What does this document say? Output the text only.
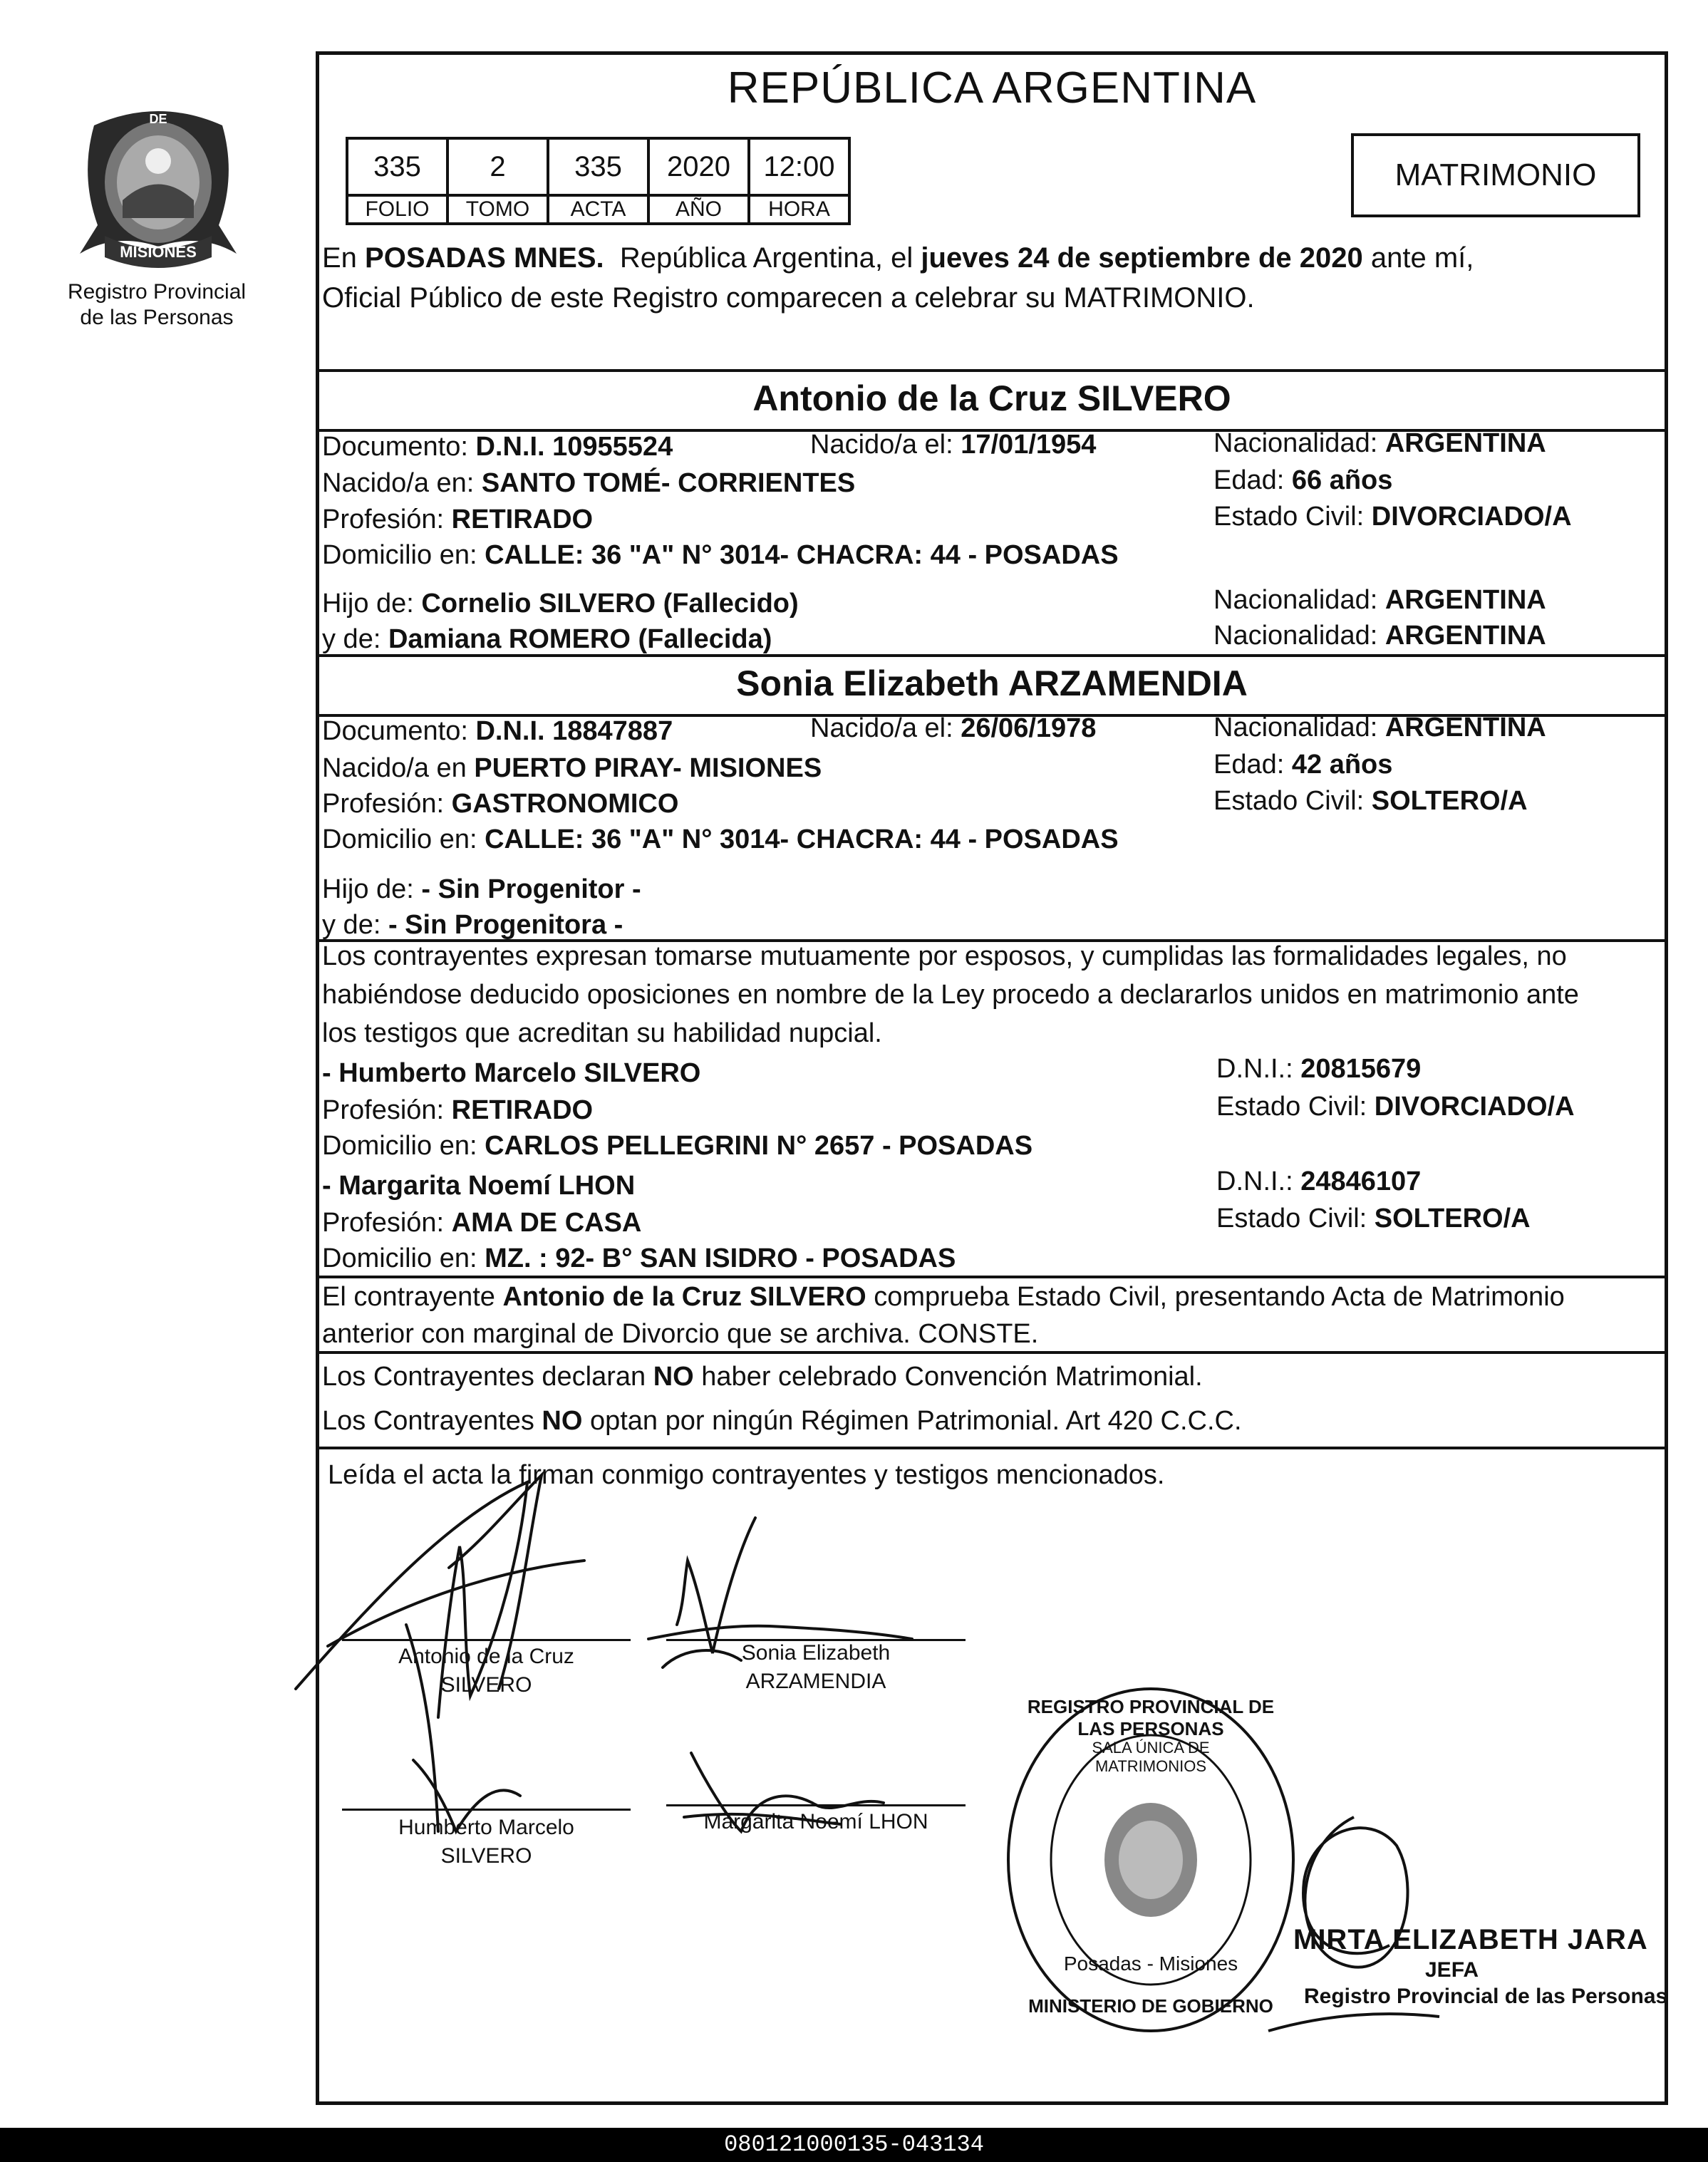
PROVINCIA DE
MISIONES
Registro Provincial
de las Personas
REPÚBLICA ARGENTINA
335	2	335	2020	12:00
FOLIO	TOMO	ACTA	AÑO	HORA
MATRIMONIO
En POSADAS MNES.  República Argentina, el jueves 24 de septiembre de 2020 ante mí,
Oficial Público de este Registro comparecen a celebrar su MATRIMONIO.
Antonio de la Cruz SILVERO
Documento: D.N.I. 10955524	Nacido/a el: 17/01/1954	Nacionalidad: ARGENTINA
Nacido/a en: SANTO TOMÉ- CORRIENTES	Edad: 66 años
Profesión: RETIRADO	Estado Civil: DIVORCIADO/A
Domicilio en: CALLE: 36 "A" N° 3014- CHACRA: 44 - POSADAS
Hijo de: Cornelio SILVERO (Fallecido)	Nacionalidad: ARGENTINA
y de: Damiana ROMERO (Fallecida)	Nacionalidad: ARGENTINA
Sonia Elizabeth ARZAMENDIA
Documento: D.N.I. 18847887	Nacido/a el: 26/06/1978	Nacionalidad: ARGENTINA
Nacido/a en PUERTO PIRAY- MISIONES	Edad: 42 años
Profesión: GASTRONOMICO	Estado Civil: SOLTERO/A
Domicilio en: CALLE: 36 "A" N° 3014- CHACRA: 44 - POSADAS
Hijo de: - Sin Progenitor -
y de: - Sin Progenitora -
Los contrayentes expresan tomarse mutuamente por esposos, y cumplidas las formalidades legales, no
habiéndose deducido oposiciones en nombre de la Ley procedo a declararlos unidos en matrimonio ante
los testigos que acreditan su habilidad nupcial.
- Humberto Marcelo SILVERO	D.N.I.: 20815679
Profesión: RETIRADO	Estado Civil: DIVORCIADO/A
Domicilio en: CARLOS PELLEGRINI N° 2657 - POSADAS
- Margarita Noemí LHON	D.N.I.: 24846107
Profesión: AMA DE CASA	Estado Civil: SOLTERO/A
Domicilio en: MZ. : 92- B° SAN ISIDRO - POSADAS
El contrayente Antonio de la Cruz SILVERO comprueba Estado Civil, presentando Acta de Matrimonio
anterior con marginal de Divorcio que se archiva. CONSTE.
Los Contrayentes declaran NO haber celebrado Convención Matrimonial.
Los Contrayentes NO optan por ningún Régimen Patrimonial. Art 420 C.C.C.
Leída el acta la firman conmigo contrayentes y testigos mencionados.
Antonio de la Cruz
SILVERO
Sonia Elizabeth
ARZAMENDIA
Humberto Marcelo
SILVERO
Margarita Noemí LHON
REGISTRO PROVINCIAL DE LAS PERSONAS
SALA ÚNICA DE MATRIMONIOS
Posadas - Misiones
MINISTERIO DE GOBIERNO
MIRTA ELIZABETH JARA
JEFA
Registro Provincial de las Personas
080121000135-043134
